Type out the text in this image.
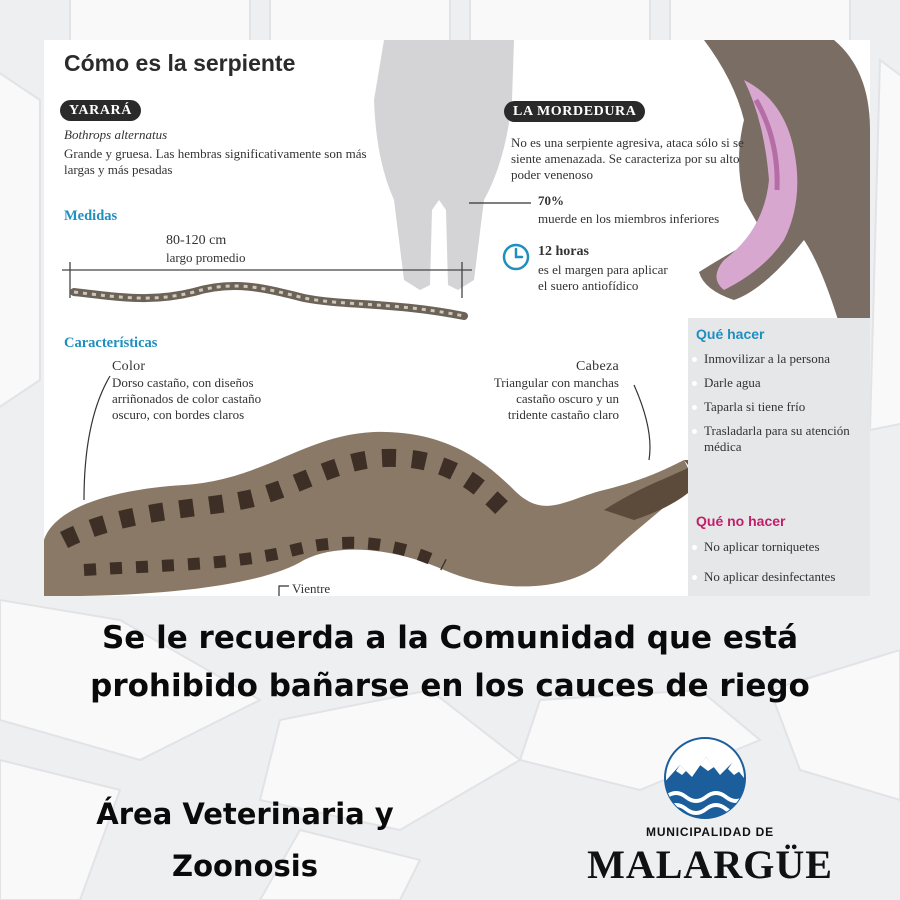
Cómo es la serpiente
YARARÁ
Bothrops alternatus
Grande y gruesa. Las hembras significativamente son más largas y más pesadas
Medidas
80-120 cm
largo promedio
LA MORDEDURA
No es una serpiente agresiva, ataca sólo si se siente amenazada. Se caracteriza por su alto poder venenoso
70%
muerde en los miembros inferiores
12 horas
es el margen para aplicar el suero antiofídico
Características
Color
Dorso castaño, con diseños arriñonados de color castaño oscuro, con bordes claros
Cabeza
Triangular con manchas castaño oscuro y un tridente castaño claro
Vientre
Qué hacer
Inmovilizar a la persona
Darle agua
Taparla si tiene frío
Trasladarla para su atención médica
Qué no hacer
No aplicar torniquetes
No aplicar desinfectantes
Se le recuerda a la Comunidad que está
prohibido bañarse en los cauces de riego
Área Veterinaria y
Zoonosis
MUNICIPALIDAD DE
MALARGÜE
